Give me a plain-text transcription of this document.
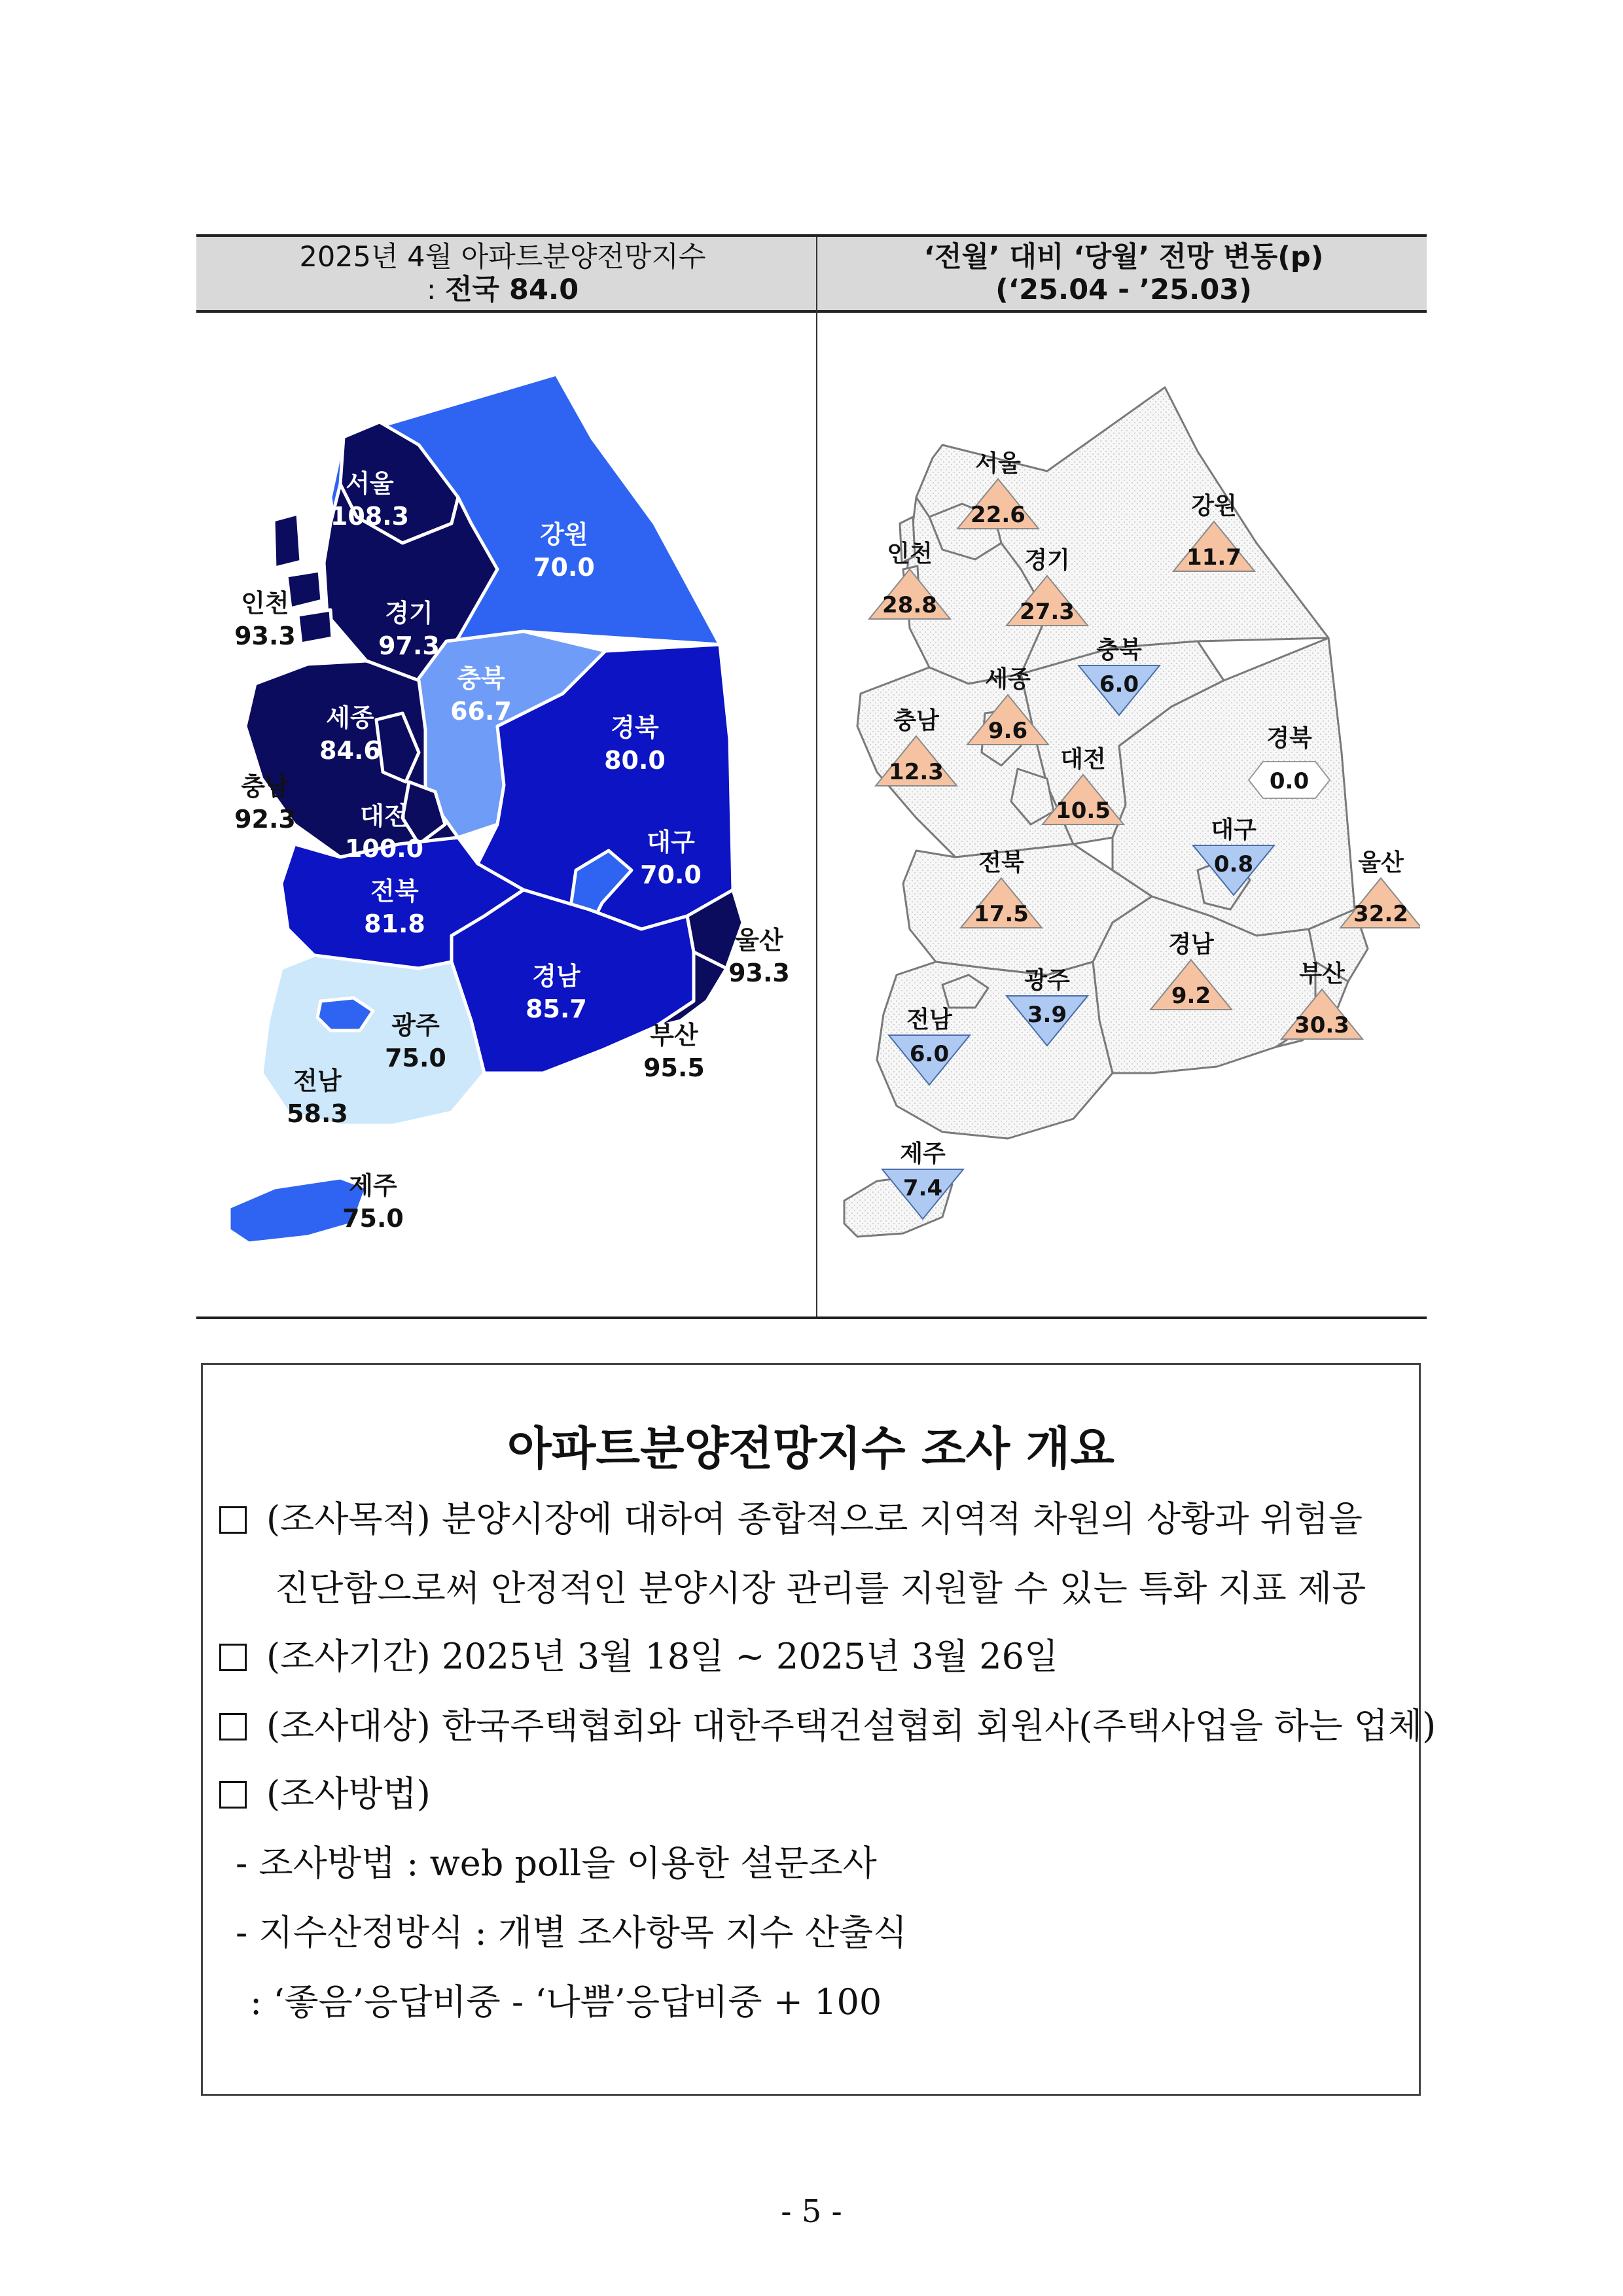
2025년 4월 아파트분양전망지수
: 전국 84.0
‘전월’ 대비 ‘당월’ 전망 변동(p)
(‘25.04 - ’25.03)
서울
108.3
인천
93.3
경기
97.3
강원
70.0
충북
66.7
세종
84.6
충남
92.3	대전
100.0
경북
80.0
대구
70.0
전북
81.8
울산
93.3
경남
85.7
부산
95.5
광주
75.0
전남
58.3
제주
75.0
서울
22.6	강원
11.7
인천
28.8
경기
27.3
충북
6.0
세종
9.6
충남
12.3	대전
10.5
경북
0.0
대구
0.8	울산
32.2
전북
17.5
경남
9.2
광주
3.9
부산
30.3
전남
6.0
제주
7.4
아파트분양전망지수 조사 개요
(조사목적) 분양시장에 대하여 종합적으로 지역적 차원의 상황과 위험을
진단함으로써 안정적인 분양시장 관리를 지원할 수 있는 특화 지표 제공
(조사기간) 2025년 3월 18일 ~ 2025년 3월 26일
(조사대상) 한국주택협회와 대한주택건설협회 회원사(주택사업을 하는 업체)
(조사방법)
- 조사방법 : web poll을 이용한 설문조사
- 지수산정방식 : 개별 조사항목 지수 산출식
: ‘좋음’응답비중 - ‘나쁨’응답비중 + 100
- 5 -
